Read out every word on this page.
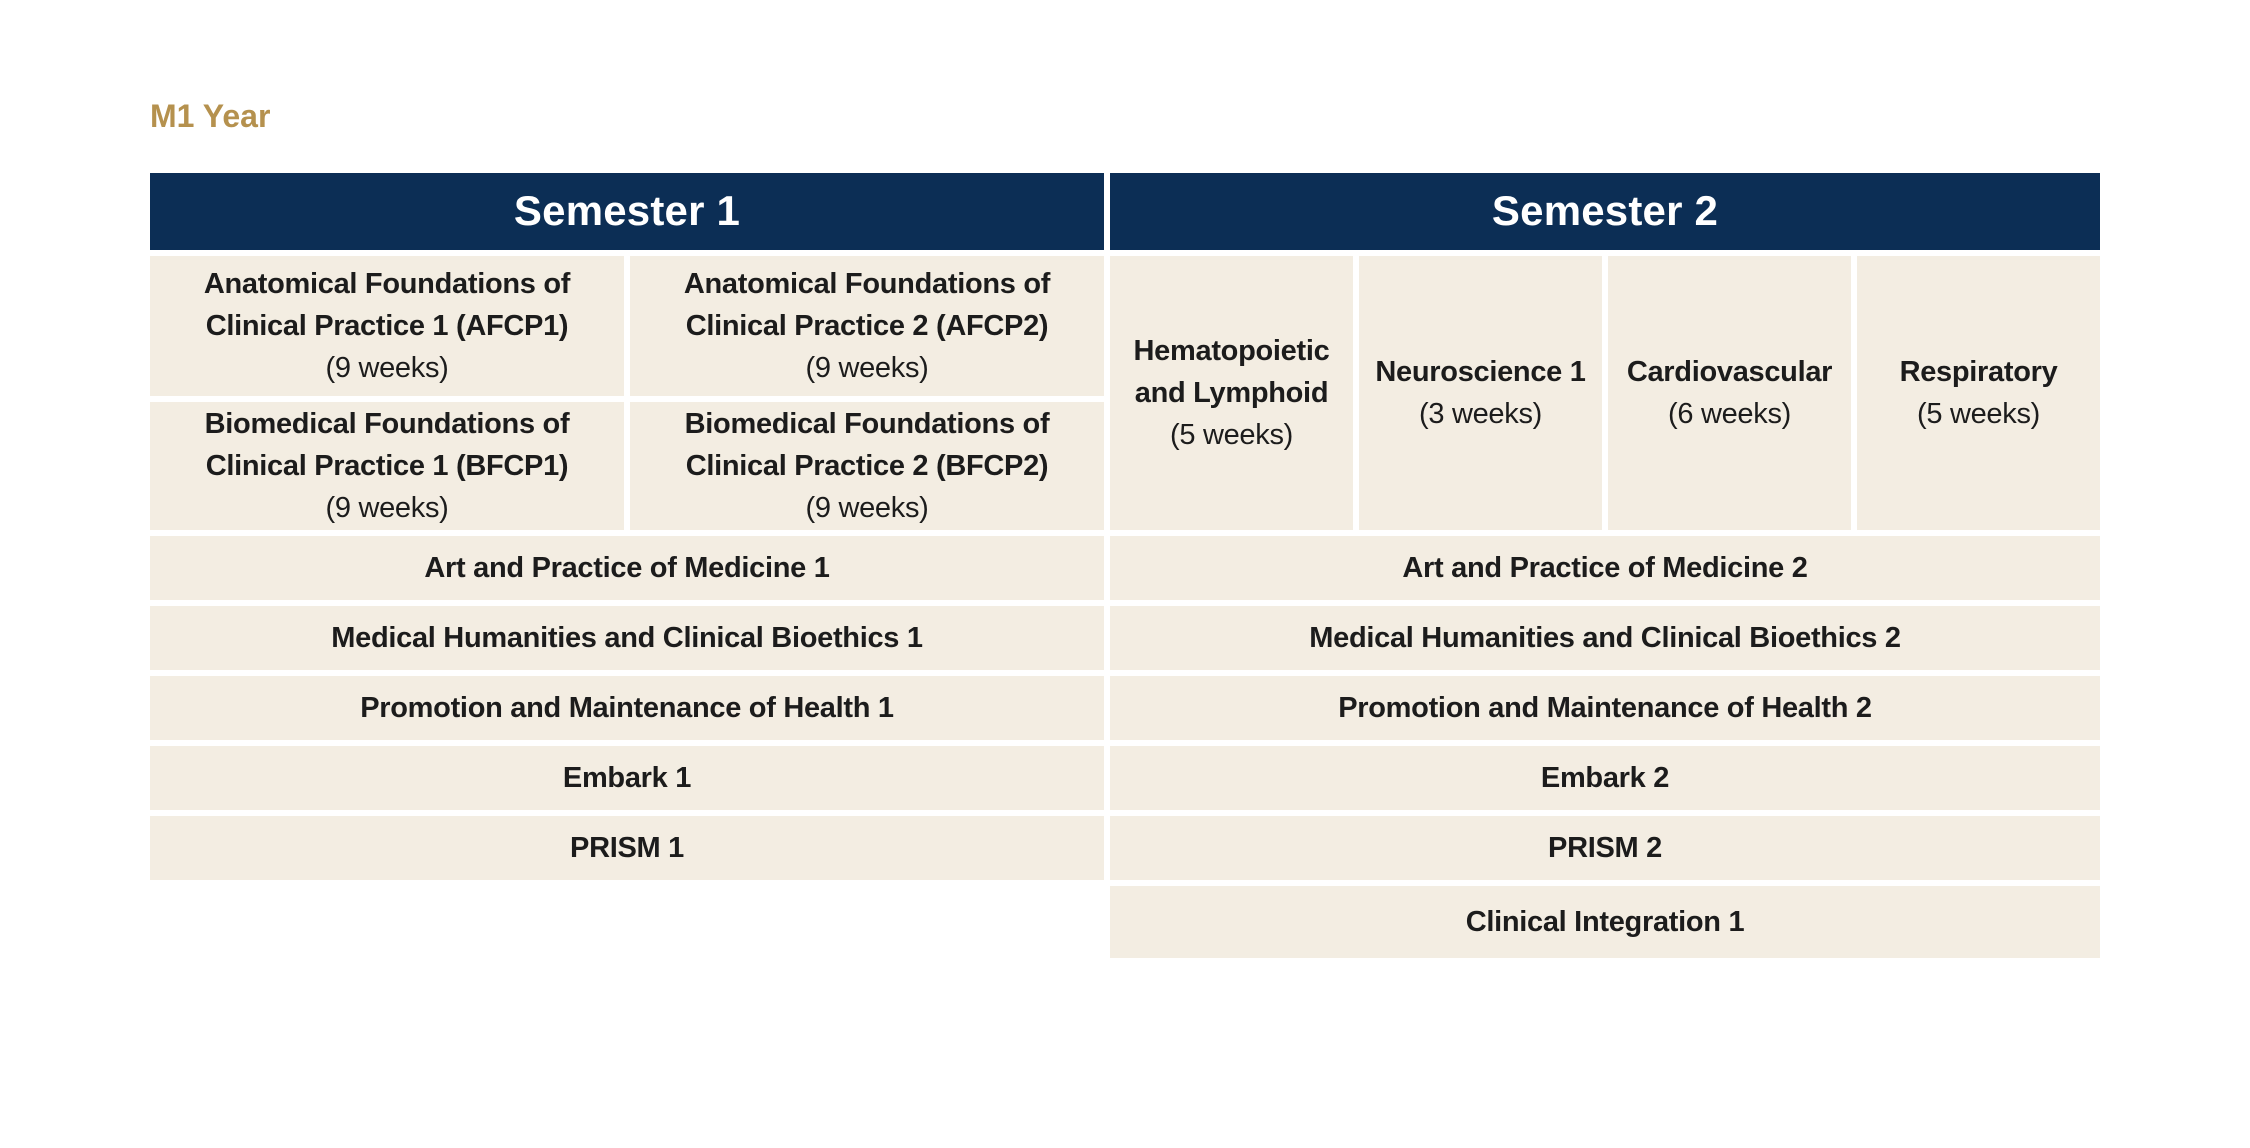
M1 Year
Semester 1
Anatomical Foundations of Clinical Practice 1 (AFCP1)
(9 weeks)
Anatomical Foundations of Clinical Practice 2 (AFCP2)
(9 weeks)
Biomedical Foundations of Clinical Practice 1 (BFCP1)
(9 weeks)
Biomedical Foundations of Clinical Practice 2 (BFCP2)
(9 weeks)
Art and Practice of Medicine 1
Medical Humanities and Clinical Bioethics 1
Promotion and Maintenance of Health 1
Embark 1
PRISM 1
Semester 2
Hematopoietic and Lymphoid
(5 weeks)
Neuroscience 1
(3 weeks)
Cardiovascular
(6 weeks)
Respiratory
(5 weeks)
Art and Practice of Medicine 2
Medical Humanities and Clinical Bioethics 2
Promotion and Maintenance of Health 2
Embark 2
PRISM 2
Clinical Integration 1
